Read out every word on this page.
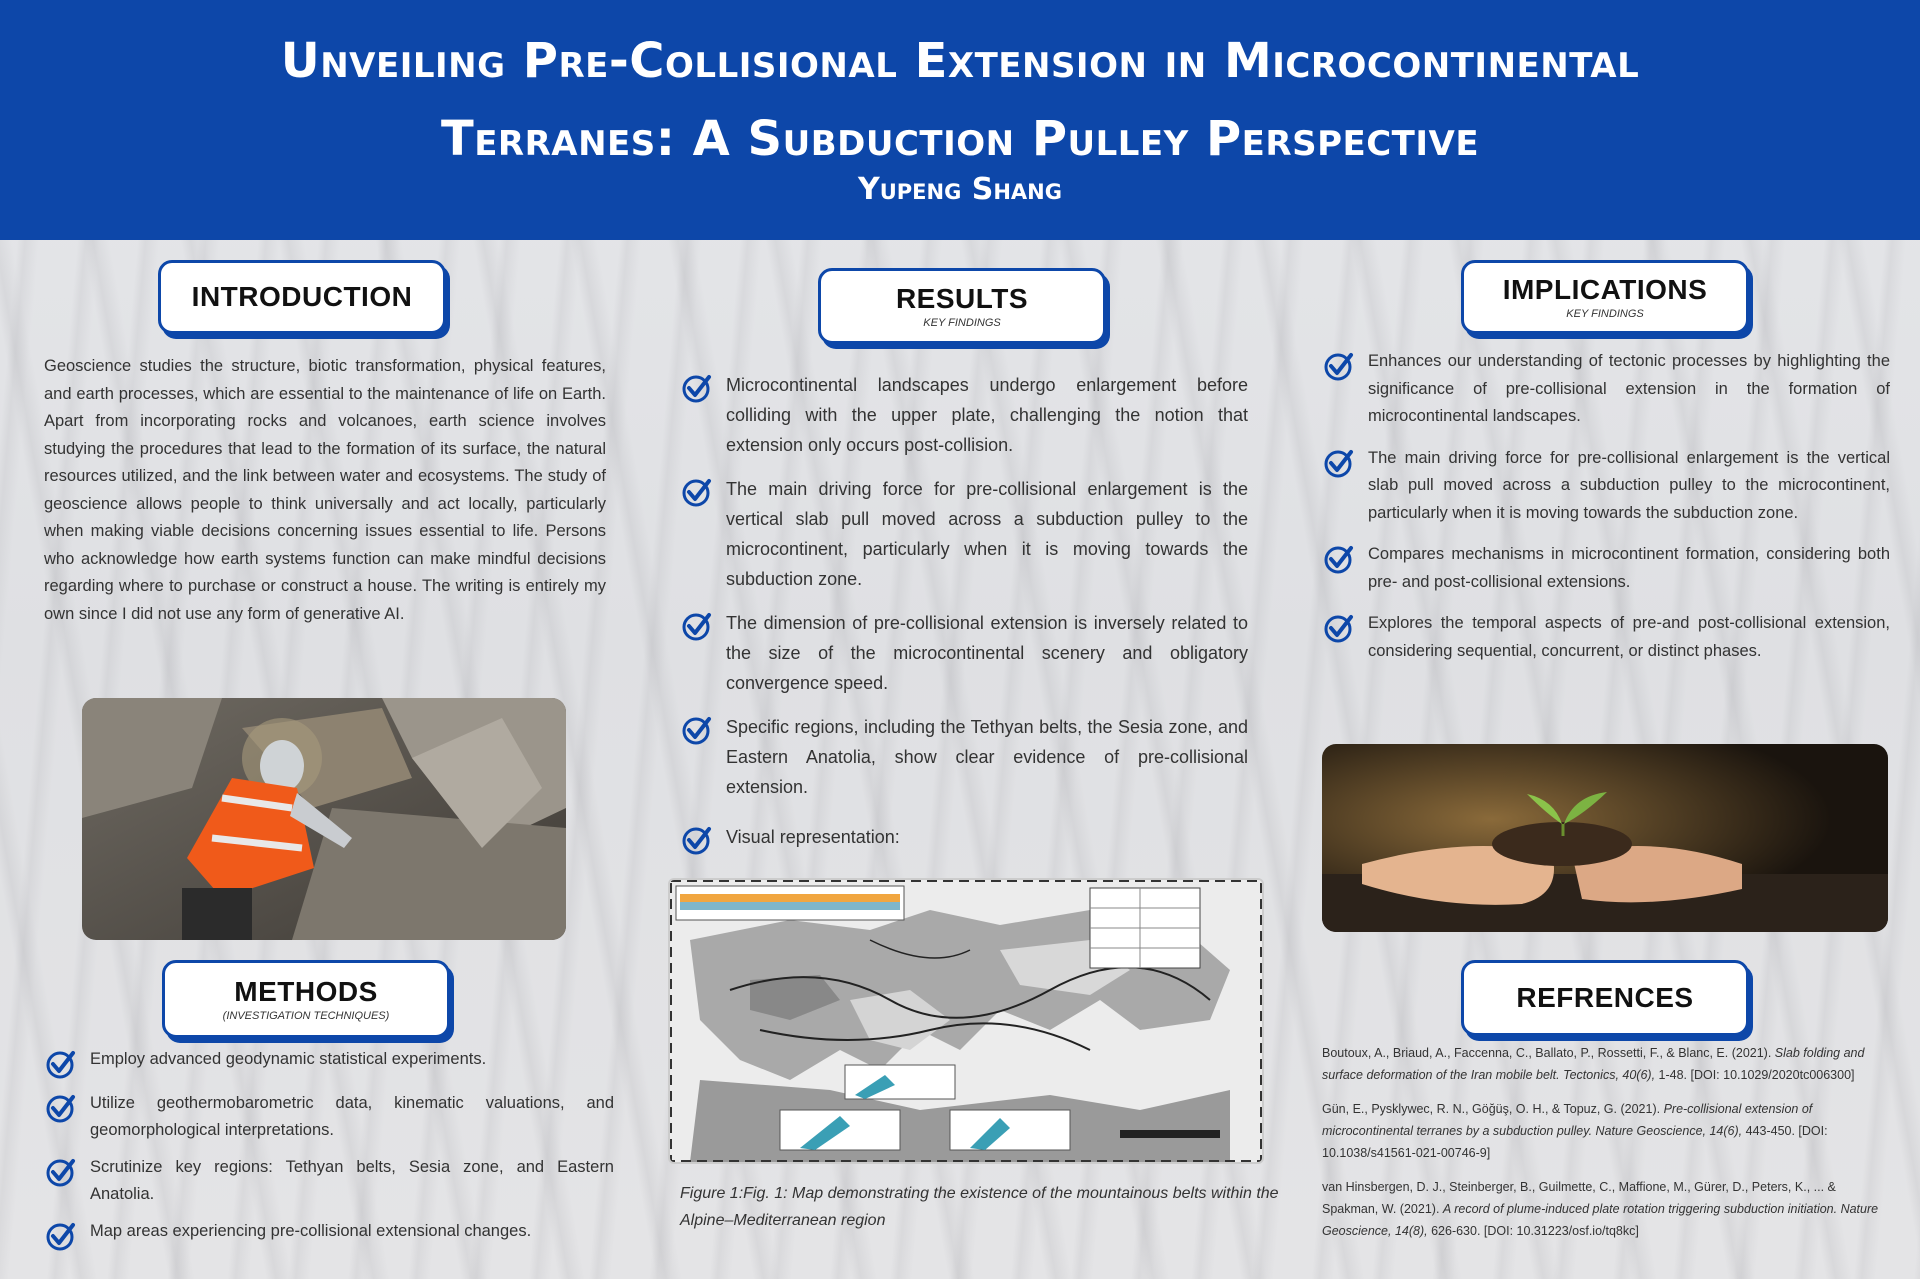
Unveiling Pre-Collisional Extension in Microcontinental
Terranes: A Subduction Pulley Perspective
Yupeng Shang
INTRODUCTION
Geoscience studies the structure, biotic transformation, physical features, and earth processes, which are essential to the maintenance of life on Earth. Apart from incorporating rocks and volcanoes, earth science involves studying the procedures that lead to the formation of its surface, the natural resources utilized, and the link between water and ecosystems. The study of geoscience allows people to think universally and act locally, particularly when making viable decisions concerning issues essential to life. Persons who acknowledge how earth systems function can make mindful decisions regarding where to purchase or construct a house. The writing is entirely my own since I did not use any form of generative AI.
METHODS
(INVESTIGATION TECHNIQUES)
Employ advanced geodynamic statistical experiments.
Utilize geothermobarometric data, kinematic valuations, and geomorphological interpretations.
Scrutinize key regions: Tethyan belts, Sesia zone, and Eastern Anatolia.
Map areas experiencing pre-collisional extensional changes.
RESULTS
KEY FINDINGS
Microcontinental landscapes undergo enlargement before colliding with the upper plate, challenging the notion that extension only occurs post-collision.
The main driving force for pre-collisional enlargement is the vertical slab pull moved across a subduction pulley to the microcontinent, particularly when it is moving towards the subduction zone.
The dimension of pre-collisional extension is inversely related to the size of the microcontinental scenery and obligatory convergence speed.
Specific regions, including the Tethyan belts, the Sesia zone, and Eastern Anatolia, show clear evidence of pre-collisional extension.
Visual representation:
Figure 1:Fig. 1: Map demonstrating the existence of the mountainous belts within the Alpine–Mediterranean region
IMPLICATIONS
KEY FINDINGS
Enhances our understanding of tectonic processes by highlighting the significance of pre-collisional extension in the formation of microcontinental landscapes.
The main driving force for pre-collisional enlargement is the vertical slab pull moved across a subduction pulley to the microcontinent, particularly when it is moving towards the subduction zone.
Compares mechanisms in microcontinent formation, considering both pre- and post-collisional extensions.
Explores the temporal aspects of pre-and post-collisional extension, considering sequential, concurrent, or distinct phases.
REFRENCES

Boutoux, A., Briaud, A., Faccenna, C., Ballato, P., Rossetti, F., & Blanc, E. (2021). Slab folding and surface deformation of the Iran mobile belt. Tectonics, 40(6), 1-48. [DOI: 10.1029/2020tc006300]

Gün, E., Pysklywec, R. N., Göğüş, O. H., & Topuz, G. (2021). Pre-collisional extension of microcontinental terranes by a subduction pulley. Nature Geoscience, 14(6), 443-450. [DOI: 10.1038/s41561-021-00746-9]

van Hinsbergen, D. J., Steinberger, B., Guilmette, C., Maffione, M., Gürer, D., Peters, K., ... & Spakman, W. (2021). A record of plume-induced plate rotation triggering subduction initiation. Nature Geoscience, 14(8), 626-630. [DOI: 10.31223/osf.io/tq8kc]
